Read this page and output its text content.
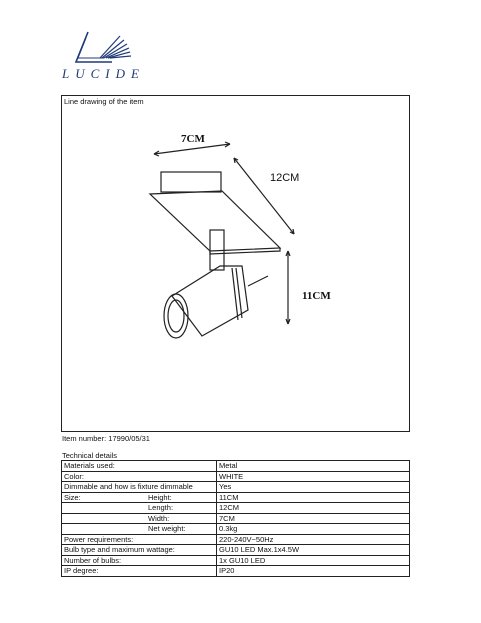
LUCIDE
Line drawing of the item
7CM
12CM
11CM
Item number: 17990/05/31
Technical details
Materials used:	Metal
Color:	WHITE
Dimmable and how is fixture dimmable	Yes
Size: Height:	11CM
Length:	12CM
Width:	7CM
Net weight:	0.3kg
Power requirements:	220-240V~50Hz
Bulb type and maximum wattage:	GU10 LED Max.1x4.5W
Number of bulbs:	1x GU10 LED
IP degree:	IP20
